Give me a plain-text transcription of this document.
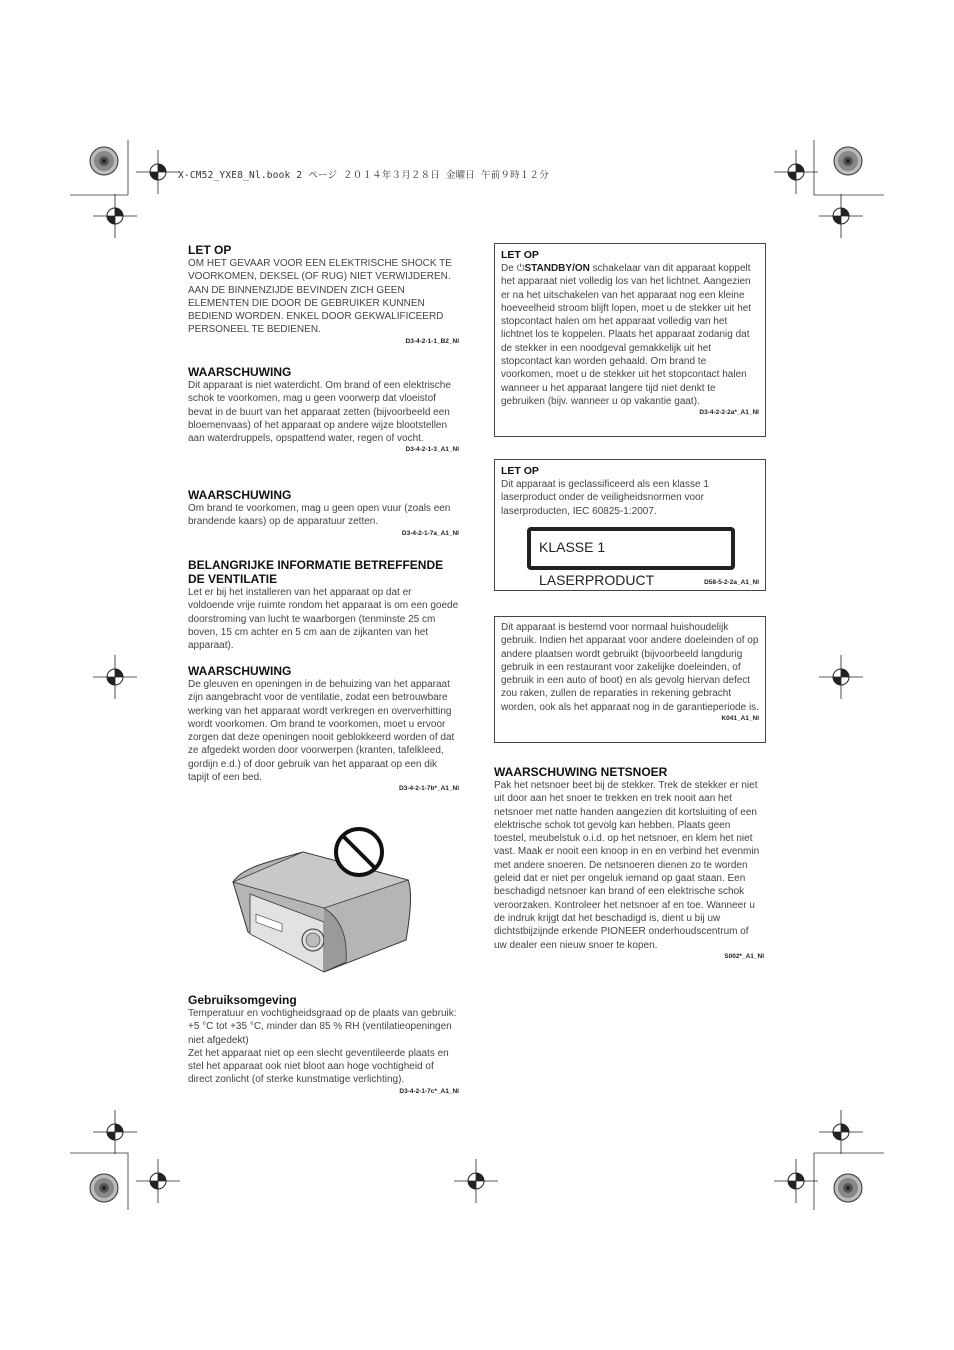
X-CM52_YXE8_Nl.book 2 ページ ２０１４年３月２８日 金曜日 午前９時１２分

LET OP

OM HET GEVAAR VOOR EEN ELEKTRISCHE SHOCK TE VOORKOMEN, DEKSEL (OF RUG) NIET VERWIJDEREN. AAN DE BINNENZIJDE BEVINDEN ZICH GEEN ELEMENTEN DIE DOOR DE GEBRUIKER KUNNEN BEDIEND WORDEN. ENKEL DOOR GEKWALIFICEERD PERSONEEL TE BEDIENEN.

D3-4-2-1-1_B2_Nl

WAARSCHUWING

Dit apparaat is niet waterdicht. Om brand of een elektrische schok te voorkomen, mag u geen voorwerp dat vloeistof bevat in de buurt van het apparaat zetten (bijvoorbeeld een bloemenvaas) of het apparaat op andere wijze blootstellen aan waterdruppels, opspattend water, regen of vocht.

D3-4-2-1-3_A1_Nl

WAARSCHUWING

Om brand te voorkomen, mag u geen open vuur (zoals een brandende kaars) op de apparatuur zetten.

D3-4-2-1-7a_A1_Nl

BELANGRIJKE INFORMATIE BETREFFENDE DE VENTILATIE

Let er bij het installeren van het apparaat op dat er voldoende vrije ruimte rondom het apparaat is om een goede doorstroming van lucht te waarborgen (tenminste 25 cm boven, 15 cm achter en 5 cm aan de zijkanten van het apparaat).

WAARSCHUWING

De gleuven en openingen in de behuizing van het apparaat zijn aangebracht voor de ventilatie, zodat een betrouwbare werking van het apparaat wordt verkregen en oververhitting wordt voorkomen. Om brand te voorkomen, moet u ervoor zorgen dat deze openingen nooit geblokkeerd worden of dat ze afgedekt worden door voorwerpen (kranten, tafelkleed, gordijn e.d.) of door gebruik van het apparaat op een dik tapijt of een bed.

D3-4-2-1-7b*_A1_Nl

Gebruiksomgeving

Temperatuur en vochtigheidsgraad op de plaats van gebruik:

+5 °C tot +35 °C, minder dan 85 % RH (ventilatieopeningen niet afgedekt)

Zet het apparaat niet op een slecht geventileerde plaats en stel het apparaat ook niet bloot aan hoge vochtigheid of direct zonlicht (of sterke kunstmatige verlichting).

D3-4-2-1-7c*_A1_Nl

LET OP

De ⏻STANDBY/ON schakelaar van dit apparaat koppelt het apparaat niet volledig los van het lichtnet. Aangezien er na het uitschakelen van het apparaat nog een kleine hoeveelheid stroom blijft lopen, moet u de stekker uit het stopcontact halen om het apparaat volledig van het lichtnet los te koppelen. Plaats het apparaat zodanig dat de stekker in een noodgeval gemakkelijk uit het stopcontact kan worden gehaald. Om brand te voorkomen, moet u de stekker uit het stopcontact halen wanneer u het apparaat langere tijd niet denkt te gebruiken (bijv. wanneer u op vakantie gaat).

D3-4-2-2-2a*_A1_Nl

LET OP

Dit apparaat is geclassificeerd als een klasse 1 laserproduct onder de veiligheidsnormen voor laserproducten, IEC 60825-1:2007.

KLASSE 1 LASERPRODUCT	D58-5-2-2a_A1_Nl

Dit apparaat is bestemd voor normaal huishoudelijk gebruik. Indien het apparaat voor andere doeleinden of op andere plaatsen wordt gebruikt (bijvoorbeeld langdurig gebruik in een restaurant voor zakelijke doeleinden, of gebruik in een auto of boot) en als gevolg hiervan defect zou raken, zullen de reparaties in rekening gebracht worden, ook als het apparaat nog in de garantieperiode is.

K041_A1_Nl

WAARSCHUWING NETSNOER

Pak het netsnoer beet bij de stekker. Trek de stekker er niet uit door aan het snoer te trekken en trek nooit aan het netsnoer met natte handen aangezien dit kortsluiting of een elektrische schok tot gevolg kan hebben. Plaats geen toestel, meubelstuk o.i.d. op het netsnoer, en klem het niet vast. Maak er nooit een knoop in en en verbind het evenmin met andere snoeren. De netsnoeren dienen zo te worden geleid dat er niet per ongeluk iemand op gaat staan. Een beschadigd netsnoer kan brand of een elektrische schok veroorzaken. Kontroleer het netsnoer af en toe. Wanneer u de indruk krijgt dat het beschadigd is, dient u bij uw dichtstbijzijnde erkende PIONEER onderhoudscentrum of uw dealer een nieuw snoer te kopen.

S002*_A1_Nl
